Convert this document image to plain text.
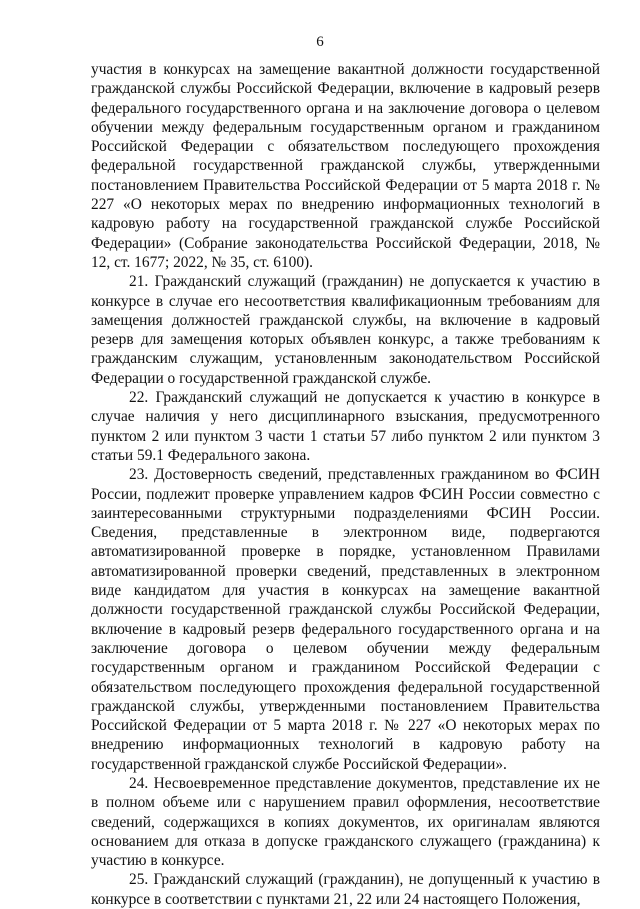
6

участия в конкурсах на замещение вакантной должности государственной гражданской службы Российской Федерации, включение в кадровый резерв федерального государственного органа и на заключение договора о целевом обучении между федеральным государственным органом и гражданином Российской Федерации с обязательством последующего прохождения федеральной государственной гражданской службы, утвержденными постановлением Правительства Российской Федерации от 5 марта 2018 г. № 227 «О некоторых мерах по внедрению информационных технологий в кадровую работу на государственной гражданской службе Российской Федерации» (Собрание законодательства Российской Федерации, 2018, № 12, ст. 1677; 2022, № 35, ст. 6100).

21. Гражданский служащий (гражданин) не допускается к участию в конкурсе в случае его несоответствия квалификационным требованиям для замещения должностей гражданской службы, на включение в кадровый резерв для замещения которых объявлен конкурс, а также требованиям к гражданским служащим, установленным законодательством Российской Федерации о государственной гражданской службе.

22. Гражданский служащий не допускается к участию в конкурсе в случае наличия у него дисциплинарного взыскания, предусмотренного пунктом 2 или пунктом 3 части 1 статьи 57 либо пунктом 2 или пунктом 3 статьи 59.1 Федерального закона.

23. Достоверность сведений, представленных гражданином во ФСИН России, подлежит проверке управлением кадров ФСИН России совместно с заинтересованными структурными подразделениями ФСИН России. Сведения, представленные в электронном виде, подвергаются автоматизированной проверке в порядке, установленном Правилами автоматизированной проверки сведений, представленных в электронном виде кандидатом для участия в конкурсах на замещение вакантной должности государственной гражданской службы Российской Федерации, включение в кадровый резерв федерального государственного органа и на заключение договора о целевом обучении между федеральным государственным органом и гражданином Российской Федерации с обязательством последующего прохождения федеральной государственной гражданской службы, утвержденными постановлением Правительства Российской Федерации от 5 марта 2018 г. № 227 «О некоторых мерах по внедрению информационных технологий в кадровую работу на государственной гражданской службе Российской Федерации».

24. Несвоевременное представление документов, представление их не в полном объеме или с нарушением правил оформления, несоответствие сведений, содержащихся в копиях документов, их оригиналам являются основанием для отказа в допуске гражданского служащего (гражданина) к участию в конкурсе.

25. Гражданский служащий (гражданин), не допущенный к участию в конкурсе в соответствии с пунктами 21, 22 или 24 настоящего Положения,
